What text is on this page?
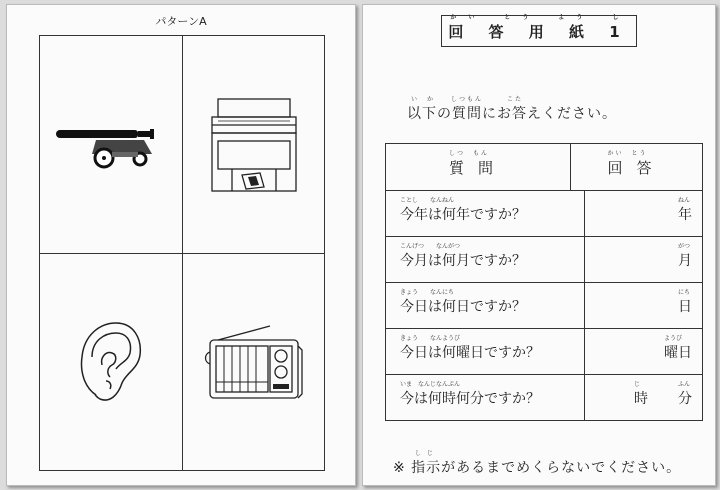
パターンA	かい　とう　よう　し
回 答 用 紙 1
い　か　　しつもん　　　こた
以下の質問にお答えください。
しつ　もん
質問
かい　とう
回答
ことし　　なんねん
今年は何年ですか？
ねん
年
こんげつ　　なんがつ
今月は何月ですか？
がつ
月
きょう　　なんにち
今日は何日ですか？
にち
日
きょう　　なんようび
今日は何曜日ですか？
ようび
曜日
いま　なんじなんぷん
今は何時何分ですか？
じ
時
ふん
分
し　じ
※ 指示があるまでめくらないでください。
